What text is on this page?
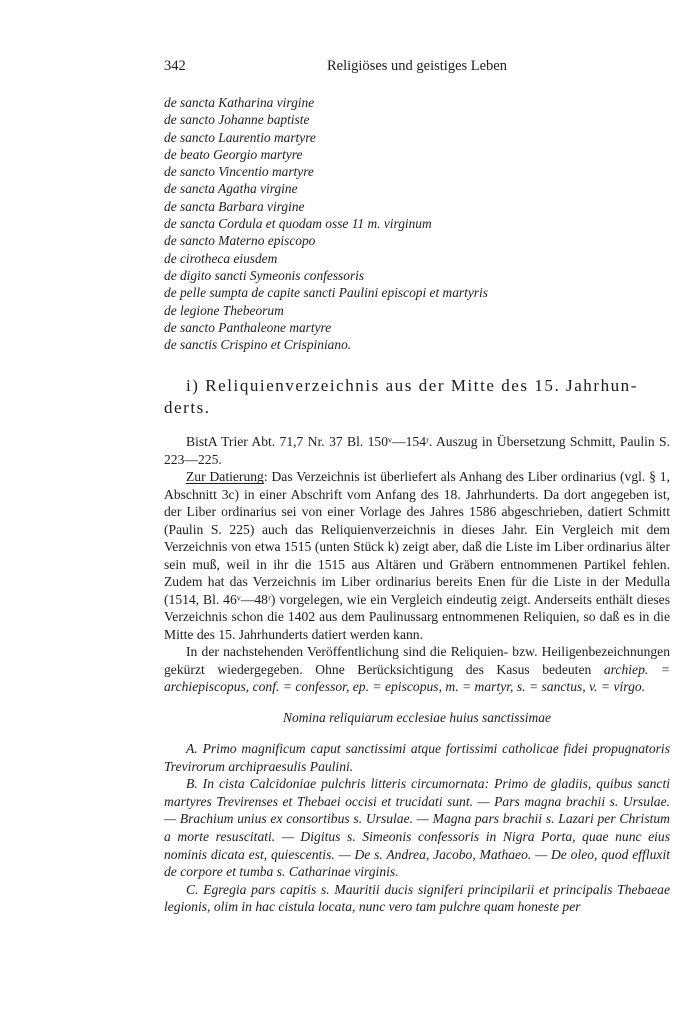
342	Religiöses und geistiges Leben
de sancta Katharina virgine
de sancto Johanne baptiste
de sancto Laurentio martyre
de beato Georgio martyre
de sancto Vincentio martyre
de sancta Agatha virgine
de sancta Barbara virgine
de sancta Cordula et quodam osse 11 m. virginum
de sancto Materno episcopo
de cirotheca eiusdem
de digito sancti Symeonis confessoris
de pelle sumpta de capite sancti Paulini episcopi et martyris
de legione Thebeorum
de sancto Panthaleone martyre
de sanctis Crispino et Crispiniano.
i) Reliquienverzeichnis aus der Mitte des 15. Jahrhun-
derts.

BistA Trier Abt. 71,7 Nr. 37 Bl. 150ᵛ—154ʳ. Auszug in Übersetzung Schmitt, Paulin S. 223—225.

Zur Datierung: Das Verzeichnis ist überliefert als Anhang des Liber ordinarius (vgl. § 1, Abschnitt 3c) in einer Abschrift vom Anfang des 18. Jahrhunderts. Da dort angegeben ist, der Liber ordinarius sei von einer Vorlage des Jahres 1586 abgeschrieben, datiert Schmitt (Paulin S. 225) auch das Reliquienverzeichnis in dieses Jahr. Ein Vergleich mit dem Verzeichnis von etwa 1515 (unten Stück k) zeigt aber, daß die Liste im Liber ordinarius älter sein muß, weil in ihr die 1515 aus Altären und Gräbern entnommenen Partikel fehlen. Zudem hat das Verzeichnis im Liber ordinarius bereits Enen für die Liste in der Medulla (1514, Bl. 46ᵛ—48ʳ) vorgelegen, wie ein Vergleich eindeutig zeigt. Anderseits enthält dieses Verzeichnis schon die 1402 aus dem Paulinussarg entnommenen Reliquien, so daß es in die Mitte des 15. Jahrhunderts datiert werden kann.

In der nachstehenden Veröffentlichung sind die Reliquien- bzw. Heiligenbezeichnungen gekürzt wiedergegeben. Ohne Berücksichtigung des Kasus bedeuten archiep. = archiepiscopus, conf. = confessor, ep. = episcopus, m. = martyr, s. = sanctus, v. = virgo.

Nomina reliquiarum ecclesiae huius sanctissimae

A. Primo magnificum caput sanctissimi atque fortissimi catholicae fidei propugnatoris Trevirorum archipraesulis Paulini.

B. In cista Calcidoniae pulchris litteris circumornata: Primo de gladiis, quibus sancti martyres Trevirenses et Thebaei occisi et trucidati sunt. — Pars magna brachii s. Ursulae. — Brachium unius ex consortibus s. Ursulae. — Magna pars brachii s. Lazari per Christum a morte resuscitati. — Digitus s. Simeonis confessoris in Nigra Porta, quae nunc eius nominis dicata est, quiescentis. — De s. Andrea, Jacobo, Mathaeo. — De oleo, quod effluxit de corpore et tumba s. Catharinae virginis.

C. Egregia pars capitis s. Mauritii ducis signiferi principilarii et principalis Thebaeae legionis, olim in hac cistula locata, nunc vero tam pulchre quam honeste per
